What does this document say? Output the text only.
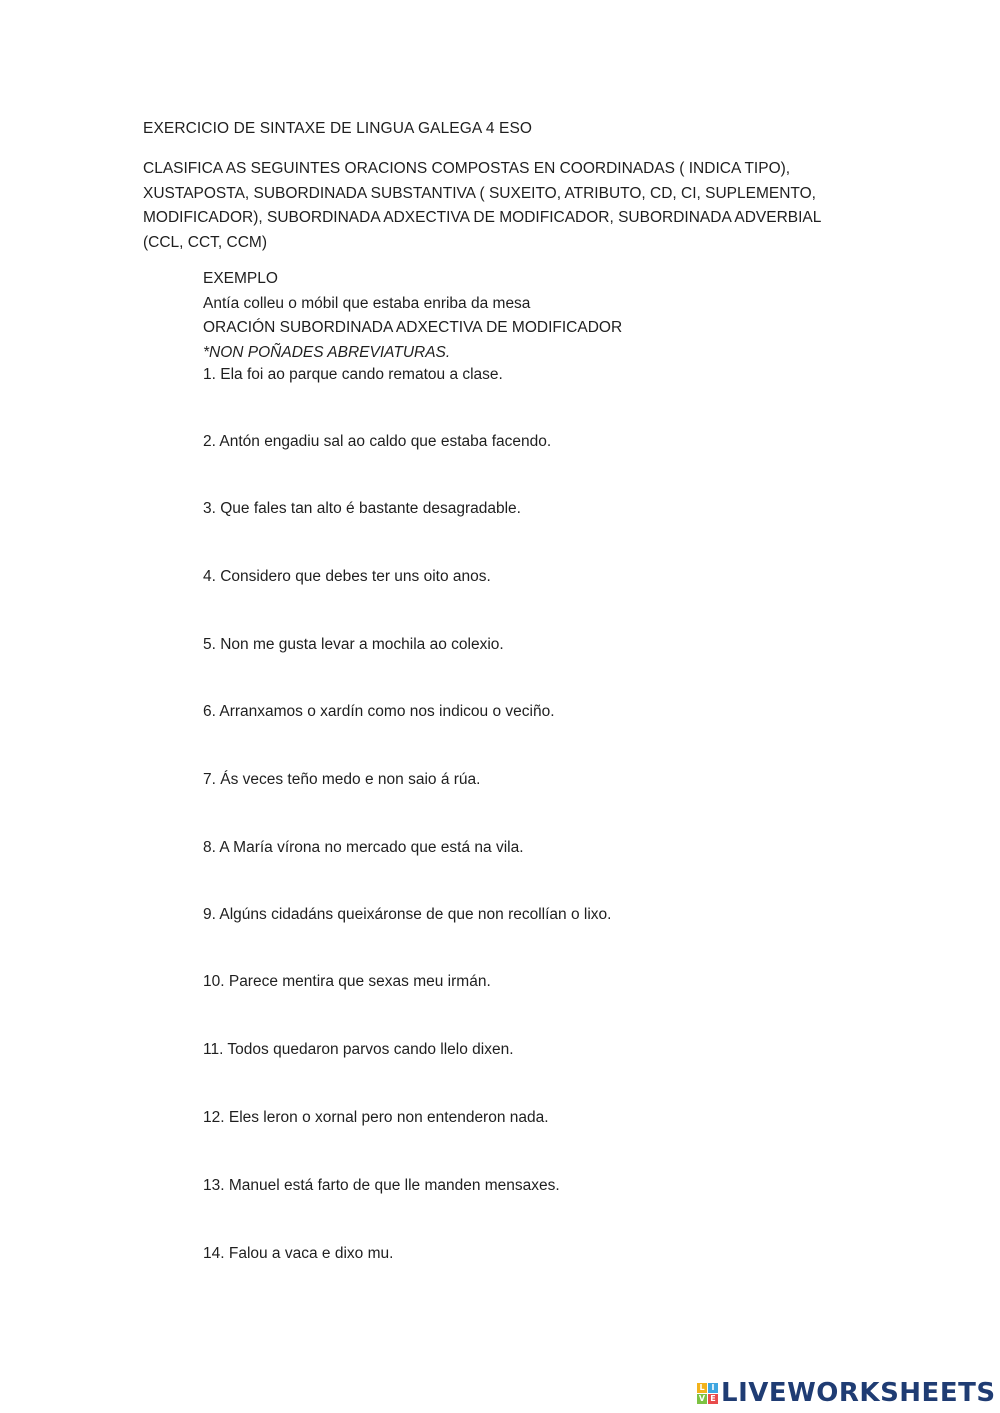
EXERCICIO DE SINTAXE DE LINGUA GALEGA 4 ESO
CLASIFICA AS SEGUINTES ORACIONS COMPOSTAS EN COORDINADAS ( INDICA TIPO),
XUSTAPOSTA, SUBORDINADA SUBSTANTIVA ( SUXEITO, ATRIBUTO, CD, CI, SUPLEMENTO,
MODIFICADOR), SUBORDINADA ADXECTIVA DE MODIFICADOR, SUBORDINADA ADVERBIAL
(CCL, CCT, CCM)
EXEMPLO
Antía colleu o móbil que estaba enriba da mesa
ORACIÓN SUBORDINADA ADXECTIVA DE MODIFICADOR
*NON POÑADES ABREVIATURAS.
1. Ela foi ao parque cando rematou a clase.
2. Antón engadiu sal ao caldo que estaba facendo.
3. Que fales tan alto é bastante desagradable.
4. Considero que debes ter uns oito anos.
5. Non me gusta levar a mochila ao colexio.
6. Arranxamos o xardín como nos indicou o veciño.
7. Ás veces teño medo e non saio á rúa.
8. A María vírona no mercado que está na vila.
9. Algúns cidadáns queixáronse de que non recollían o lixo.
10. Parece mentira que sexas meu irmán.
11. Todos quedaron parvos cando llelo dixen.
12. Eles leron o xornal pero non entenderon nada.
13. Manuel está farto de que lle manden mensaxes.
14. Falou a vaca e dixo mu.
L I
V E LIVEWORKSHEETS
